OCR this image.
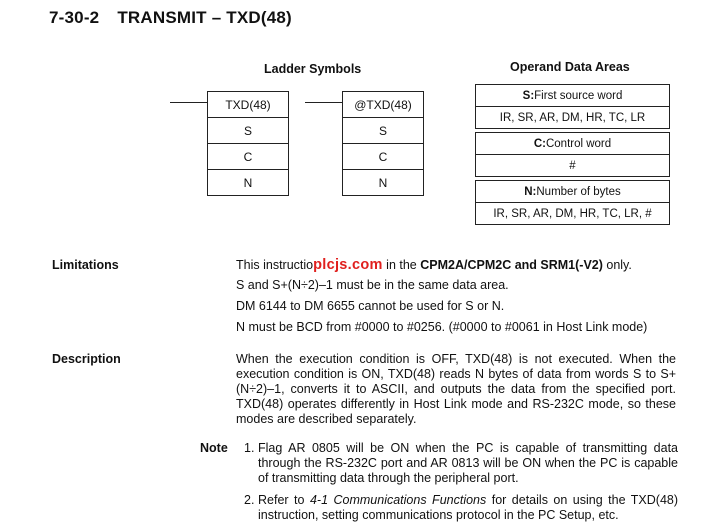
7-30-2 TRANSMIT – TXD(48)
Ladder Symbols
TXD(48)
S
C
N
@TXD(48)
S
C
N
Operand Data Areas
S: First source word
IR, SR, AR, DM, HR, TC, LR
C: Control word
#
N: Number of bytes
IR, SR, AR, DM, HR, TC, LR, #
Limitations	This instructioplcjs.com in the CPM2A/CPM2C and SRM1(-V2) only.
S and S+(N÷2)–1 must be in the same data area.
DM 6144 to DM 6655 cannot be used for S or N.
N must be BCD from #0000 to #0256. (#0000 to #0061 in Host Link mode)
Description	When the execution condition is OFF, TXD(48) is not executed. When the execution condition is ON, TXD(48) reads N bytes of data from words S to S+(N÷2)–1, converts it to ASCII, and outputs the data from the specified port. TXD(48) operates differently in Host Link mode and RS-232C mode, so these modes are described separately.
Note 1. Flag AR 0805 will be ON when the PC is capable of transmitting data through the RS-232C port and AR 0813 will be ON when the PC is capable of transmitting data through the peripheral port.
2. Refer to 4-1 Communications Functions for details on using the TXD(48) instruction, setting communications protocol in the PC Setup, etc.
